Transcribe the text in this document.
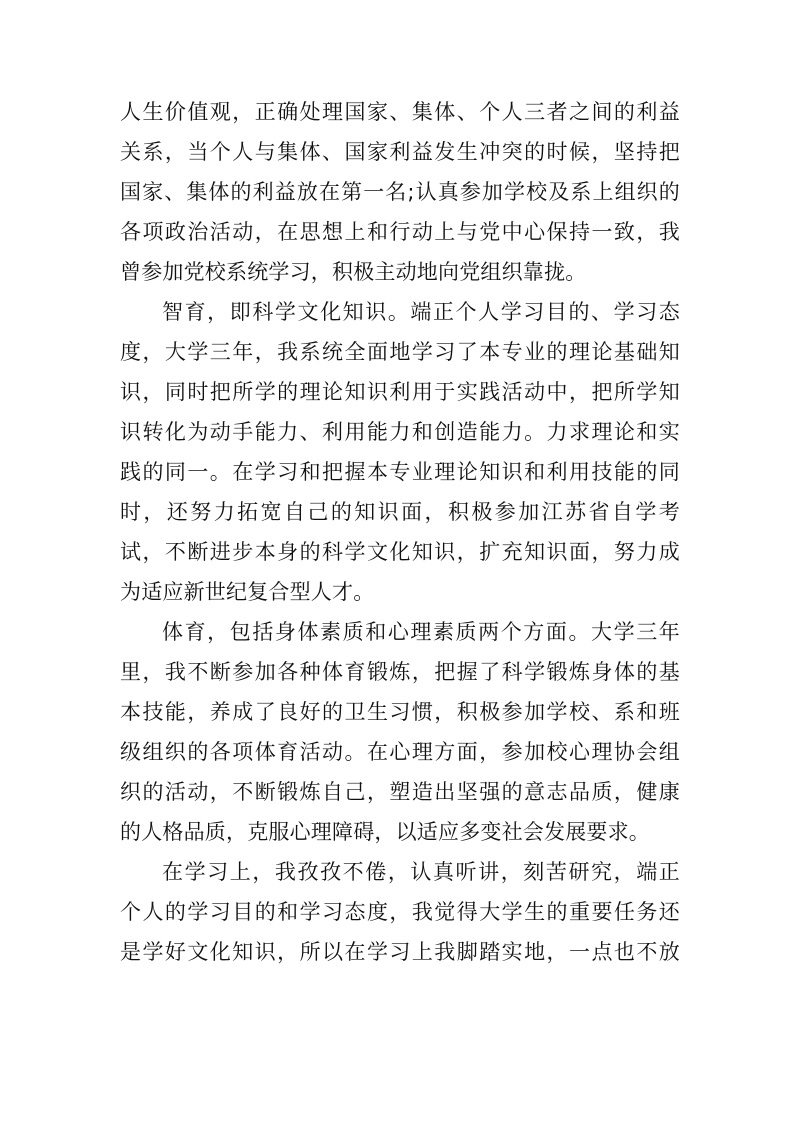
人生价值观，正确处理国家、集体、个人三者之间的利益
关系，当个人与集体、国家利益发生冲突的时候，坚持把
国家、集体的利益放在第一名;认真参加学校及系上组织的
各项政治活动，在思想上和行动上与党中心保持一致，我
曾参加党校系统学习，积极主动地向党组织靠拢。
智育，即科学文化知识。端正个人学习目的、学习态
度，大学三年，我系统全面地学习了本专业的理论基础知
识，同时把所学的理论知识利用于实践活动中，把所学知
识转化为动手能力、利用能力和创造能力。力求理论和实
践的同一。在学习和把握本专业理论知识和利用技能的同
时，还努力拓宽自己的知识面，积极参加江苏省自学考
试，不断进步本身的科学文化知识，扩充知识面，努力成
为适应新世纪复合型人才。
体育，包括身体素质和心理素质两个方面。大学三年
里，我不断参加各种体育锻炼，把握了科学锻炼身体的基
本技能，养成了良好的卫生习惯，积极参加学校、系和班
级组织的各项体育活动。在心理方面，参加校心理协会组
织的活动，不断锻炼自己，塑造出坚强的意志品质，健康
的人格品质，克服心理障碍，以适应多变社会发展要求。
在学习上，我孜孜不倦，认真听讲，刻苦研究，端正
个人的学习目的和学习态度，我觉得大学生的重要任务还
是学好文化知识，所以在学习上我脚踏实地，一点也不放
